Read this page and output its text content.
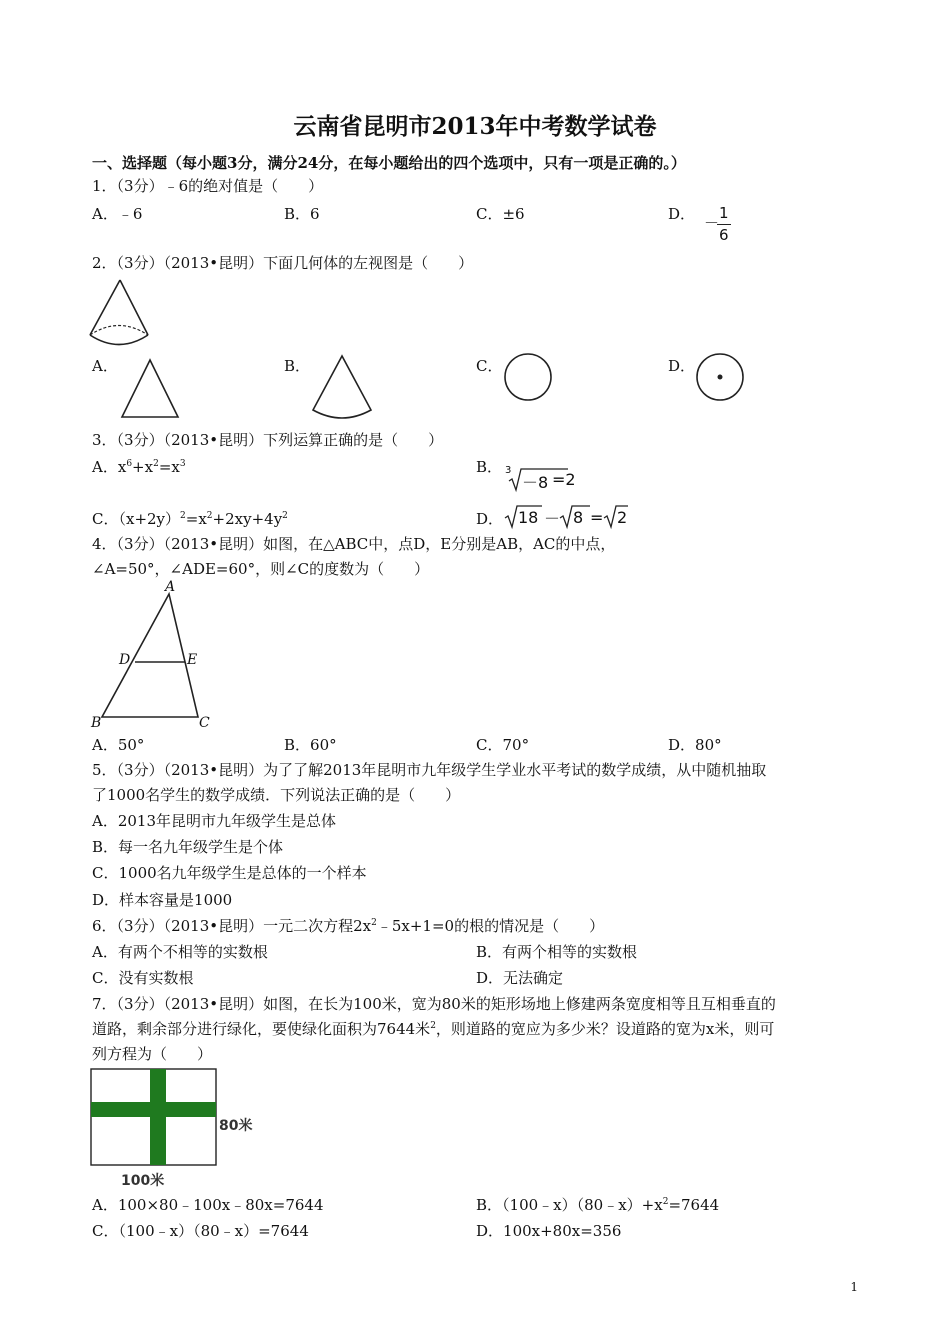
云南省昆明市2013年中考数学试卷
一、选择题（每小题3分，满分24分，在每小题给出的四个选项中，只有一项是正确的。）
1．（3分）﹣6的绝对值是（　　）
A．﹣6	B．6	C．±6	D． －
1
6
2．（3分）（2013•昆明）下面几何体的左视图是（　　）
A．	B．	C．	D．
3．（3分）（2013•昆明）下列运算正确的是（　　）
A．$x^6+x^2=x^3$	B． 3
－8 =2
C．$(x+2y)^2=x^2+2xy+4y^2$	D． 18 － 8 = 2
4．（3分）（2013•昆明）如图，在△ABC中，点D，E分别是AB，AC的中点，
∠A=50°，∠ADE=60°，则∠C的度数为（　　）
A
D	E
B	C
A．50°	B．60°	C．70°	D．80°
5．（3分）（2013•昆明）为了了解2013年昆明市九年级学生学业水平考试的数学成绩，从中随机抽取
了1000名学生的数学成绩．下列说法正确的是（　　）
A．2013年昆明市九年级学生是总体
B．每一名九年级学生是个体
C．1000名九年级学生是总体的一个样本
D．样本容量是1000
6．（3分）（2013•昆明）一元二次方程$2x^2﹣5x+1=0$的根的情况是（　　）
A．有两个不相等的实数根	B．有两个相等的实数根
C．没有实数根	D．无法确定
7．（3分）（2013•昆明）如图，在长为100米，宽为80米的矩形场地上修建两条宽度相等且互相垂直的
道路，剩余部分进行绿化，要使绿化面积为7644米$^2$，则道路的宽应为多少米？设道路的宽为x米，则可
列方程为（　　）
80米
100米
A．100×80﹣100x﹣80x=7644	B．$(100﹣x)(80﹣x)+x^2=7644$
C．（100﹣x）（80﹣x）=7644	D．100x+80x=356
1
